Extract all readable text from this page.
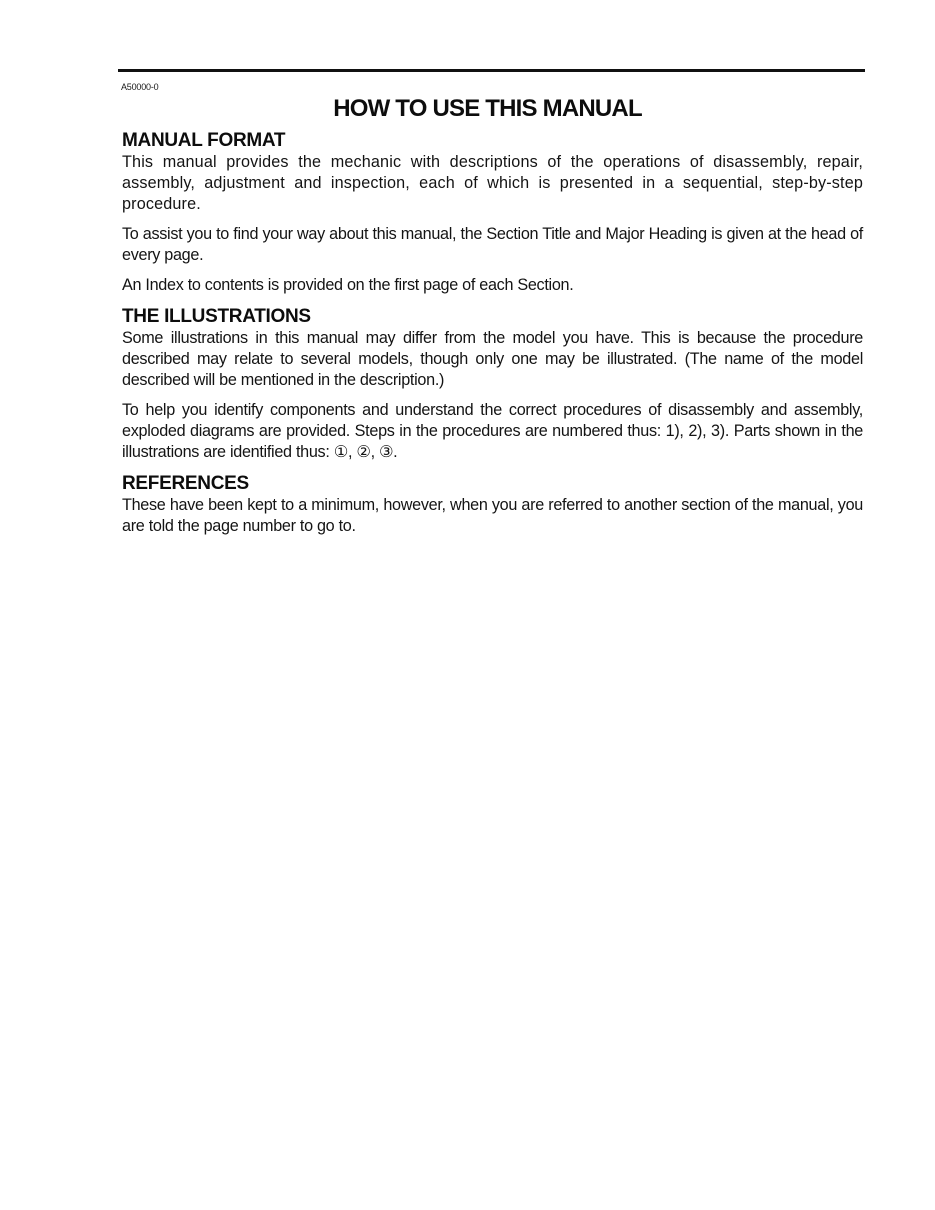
A50000-0
HOW TO USE THIS MANUAL
MANUAL FORMAT

This manual provides the mechanic with descriptions of the operations of disassembly, repair, assembly, adjustment and inspection, each of which is presented in a sequential, step-by-step procedure.

To assist you to find your way about this manual, the Section Title and Major Heading is given at the head of every page.

An Index to contents is provided on the first page of each Section.

THE ILLUSTRATIONS

Some illustrations in this manual may differ from the model you have. This is because the procedure described may relate to several models, though only one may be illustrated. (The name of the model described will be mentioned in the description.)

To help you identify components and understand the correct procedures of disassembly and assembly, exploded diagrams are provided. Steps in the procedures are numbered thus: 1), 2), 3). Parts shown in the illustrations are identified thus: ①, ②, ③.

REFERENCES

These have been kept to a minimum, however, when you are referred to another section of the manual, you are told the page number to go to.
